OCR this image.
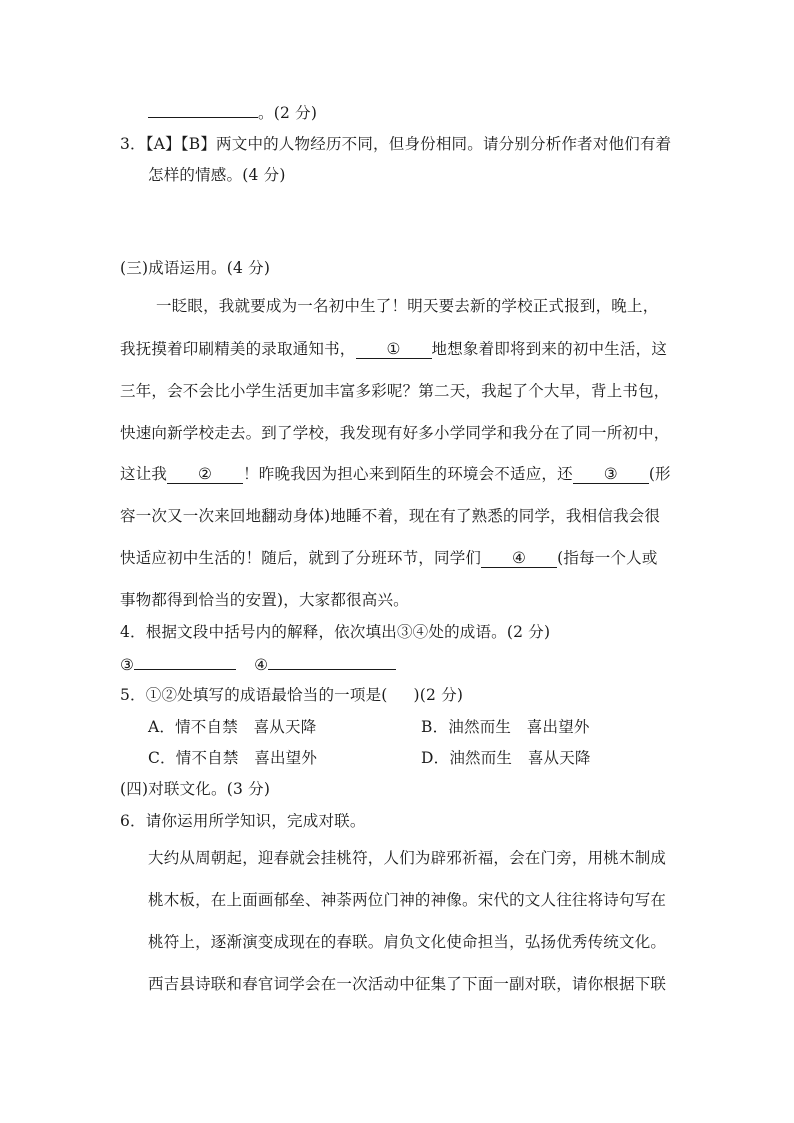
。(2 分)
3．【A】【B】两文中的人物经历不同，但身份相同。请分别分析作者对他们有着
怎样的情感。(4 分)
(三)成语运用。(4 分)
一眨眼，我就要成为一名初中生了！明天要去新的学校正式报到，晚上，
我抚摸着印刷精美的录取通知书， ① 地想象着即将到来的初中生活，这
三年，会不会比小学生活更加丰富多彩呢？第二天，我起了个大早，背上书包，
快速向新学校走去。到了学校，我发现有好多小学同学和我分在了同一所初中，
这让我 ② ！昨晚我因为担心来到陌生的环境会不适应，还 ③ (形
容一次又一次来回地翻动身体)地睡不着，现在有了熟悉的同学，我相信我会很
快适应初中生活的！随后，就到了分班环节，同学们 ④ (指每一个人或
事物都得到恰当的安置)，大家都很高兴。
4．根据文段中括号内的解释，依次填出③④处的成语。(2 分)
③	④
5．①②处填写的成语最恰当的一项是( )(2 分)
A．情不自禁　喜从天降	B．油然而生　喜出望外
C．情不自禁　喜出望外	D．油然而生　喜从天降
(四)对联文化。(3 分)
6．请你运用所学知识，完成对联。
大约从周朝起，迎春就会挂桃符，人们为辟邪祈福，会在门旁，用桃木制成
桃木板，在上面画郁垒、神荼两位门神的神像。宋代的文人往往将诗句写在
桃符上，逐渐演变成现在的春联。肩负文化使命担当，弘扬优秀传统文化。
西吉县诗联和春官词学会在一次活动中征集了下面一副对联，请你根据下联
